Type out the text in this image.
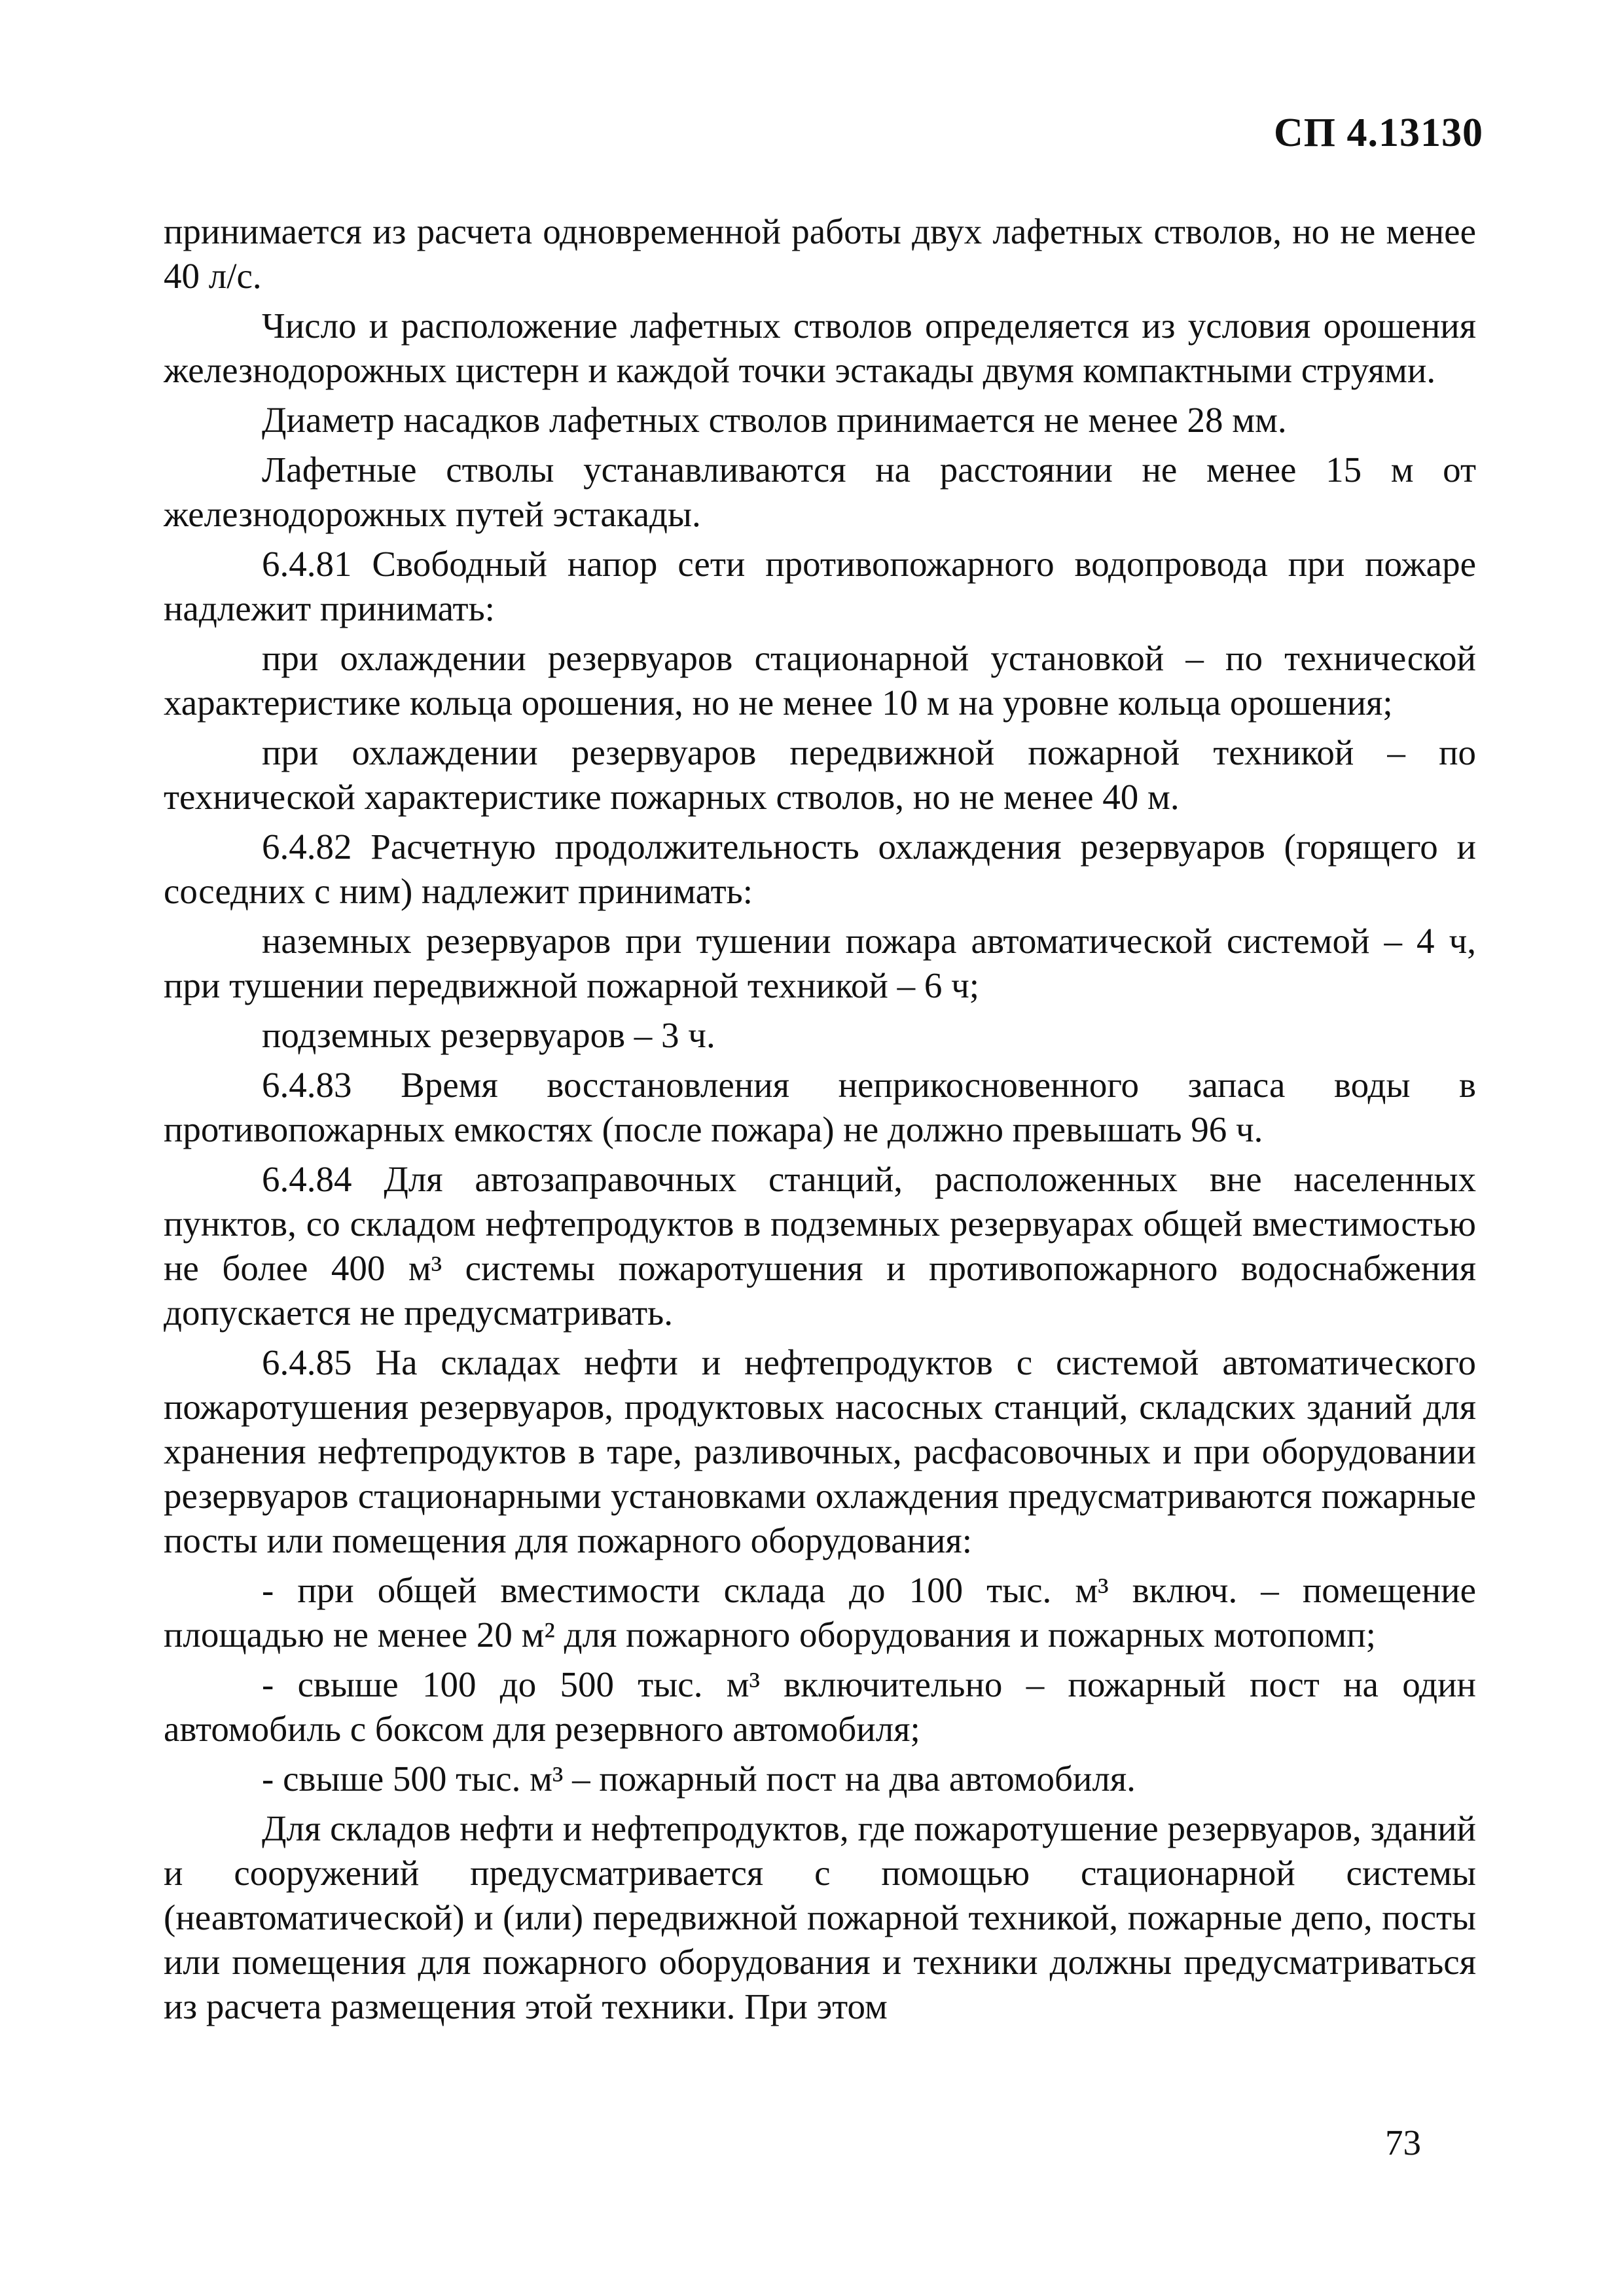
СП 4.13130

принимается из расчета одновременной работы двух лафетных стволов, но не менее 40 л/с.

Число и расположение лафетных стволов определяется из условия орошения железнодорожных цистерн и каждой точки эстакады двумя компактными струями.

Диаметр насадков лафетных стволов принимается не менее 28 мм.

Лафетные стволы устанавливаются на расстоянии не менее 15 м от железнодорожных путей эстакады.

6.4.81 Свободный напор сети противопожарного водопровода при пожаре надлежит принимать:

при охлаждении резервуаров стационарной установкой – по технической характеристике кольца орошения, но не менее 10 м на уровне кольца орошения;

при охлаждении резервуаров передвижной пожарной техникой – по технической характеристике пожарных стволов, но не менее 40 м.

6.4.82 Расчетную продолжительность охлаждения резервуаров (горящего и соседних с ним) надлежит принимать:

наземных резервуаров при тушении пожара автоматической системой – 4 ч, при тушении передвижной пожарной техникой – 6 ч;

подземных резервуаров – 3 ч.

6.4.83 Время восстановления неприкосновенного запаса воды в противопожарных емкостях (после пожара) не должно превышать 96 ч.

6.4.84 Для автозаправочных станций, расположенных вне населенных пунктов, со складом нефтепродуктов в подземных резервуарах общей вместимостью не более 400 м³ системы пожаротушения и противопожарного водоснабжения допускается не предусматривать.

6.4.85 На складах нефти и нефтепродуктов с системой автоматического пожаротушения резервуаров, продуктовых насосных станций, складских зданий для хранения нефтепродуктов в таре, разливочных, расфасовочных и при оборудовании резервуаров стационарными установками охлаждения предусматриваются пожарные посты или помещения для пожарного оборудования:

- при общей вместимости склада до 100 тыс. м³ включ. – помещение площадью не менее 20 м² для пожарного оборудования и пожарных мотопомп;

- свыше 100 до 500 тыс. м³ включительно – пожарный пост на один автомобиль с боксом для резервного автомобиля;

- свыше 500 тыс. м³ – пожарный пост на два автомобиля.

Для складов нефти и нефтепродуктов, где пожаротушение резервуаров, зданий и сооружений предусматривается с помощью стационарной системы (неавтоматической) и (или) передвижной пожарной техникой, пожарные депо, посты или помещения для пожарного оборудования и техники должны предусматриваться из расчета размещения этой техники. При этом

73
